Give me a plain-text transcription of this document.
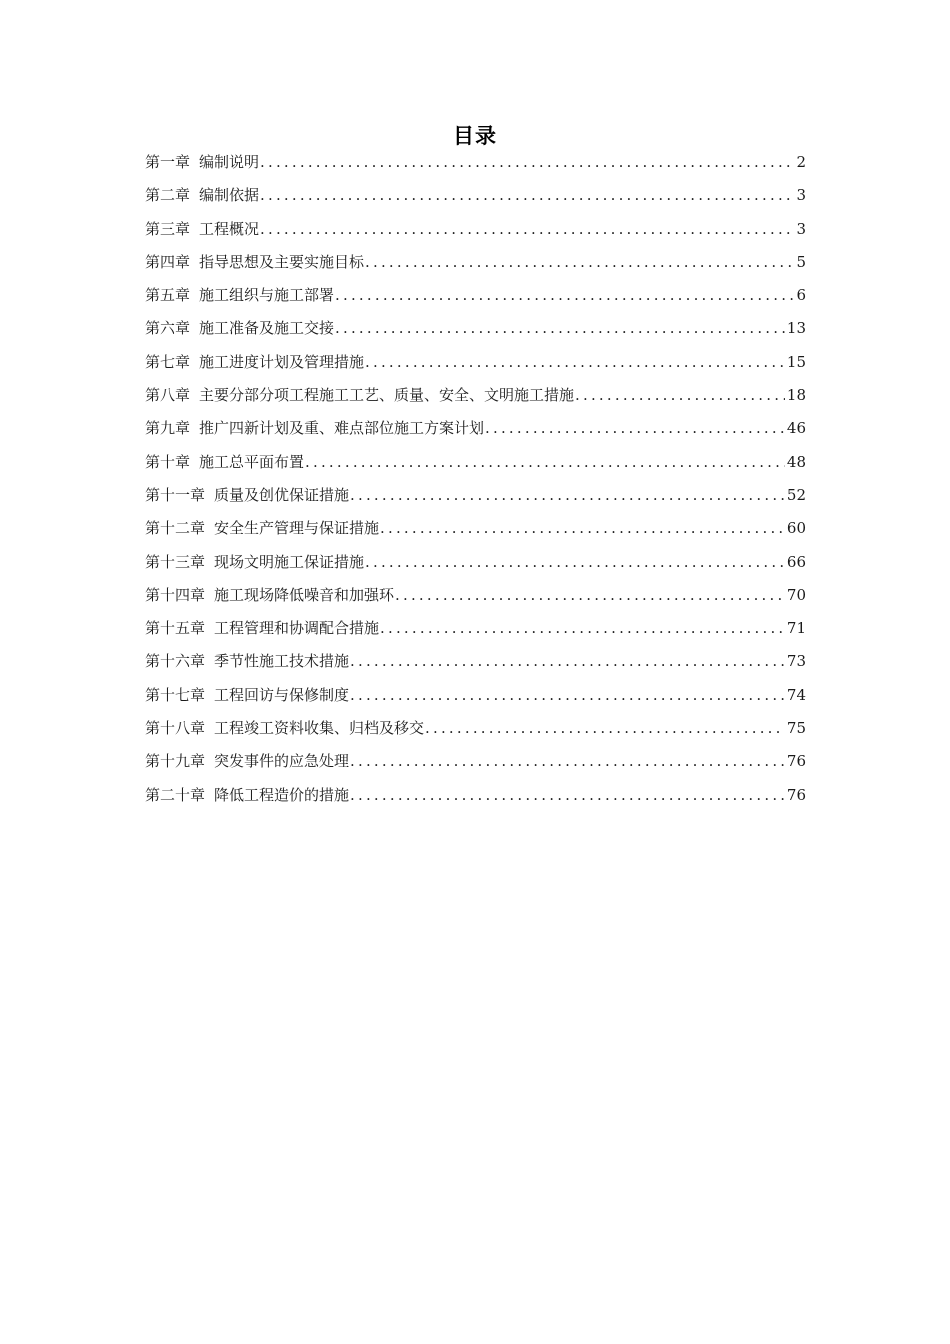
目录
第一章 编制说明 .....	2
第二章 编制依据 .....	3
第三章 工程概况 .....	3
第四章 指导思想及主要实施目标 .....	5
第五章 施工组织与施工部署 .....	6
第六章 施工准备及施工交接 .....	13
第七章 施工进度计划及管理措施 .....	15
第八章 主要分部分项工程施工工艺、质量、安全、文明施工措施 .....	18
第九章 推广四新计划及重、难点部位施工方案计划 .....	46
第十章 施工总平面布置 .....	48
第十一章 质量及创优保证措施 .....	52
第十二章 安全生产管理与保证措施 .....	60
第十三章 现场文明施工保证措施 .....	66
第十四章 施工现场降低噪音和加强环 .....	70
第十五章 工程管理和协调配合措施 .....	71
第十六章 季节性施工技术措施 .....	73
第十七章 工程回访与保修制度 .....	74
第十八章 工程竣工资料收集、归档及移交 .....	75
第十九章 突发事件的应急处理 .....	76
第二十章 降低工程造价的措施 .....	76
